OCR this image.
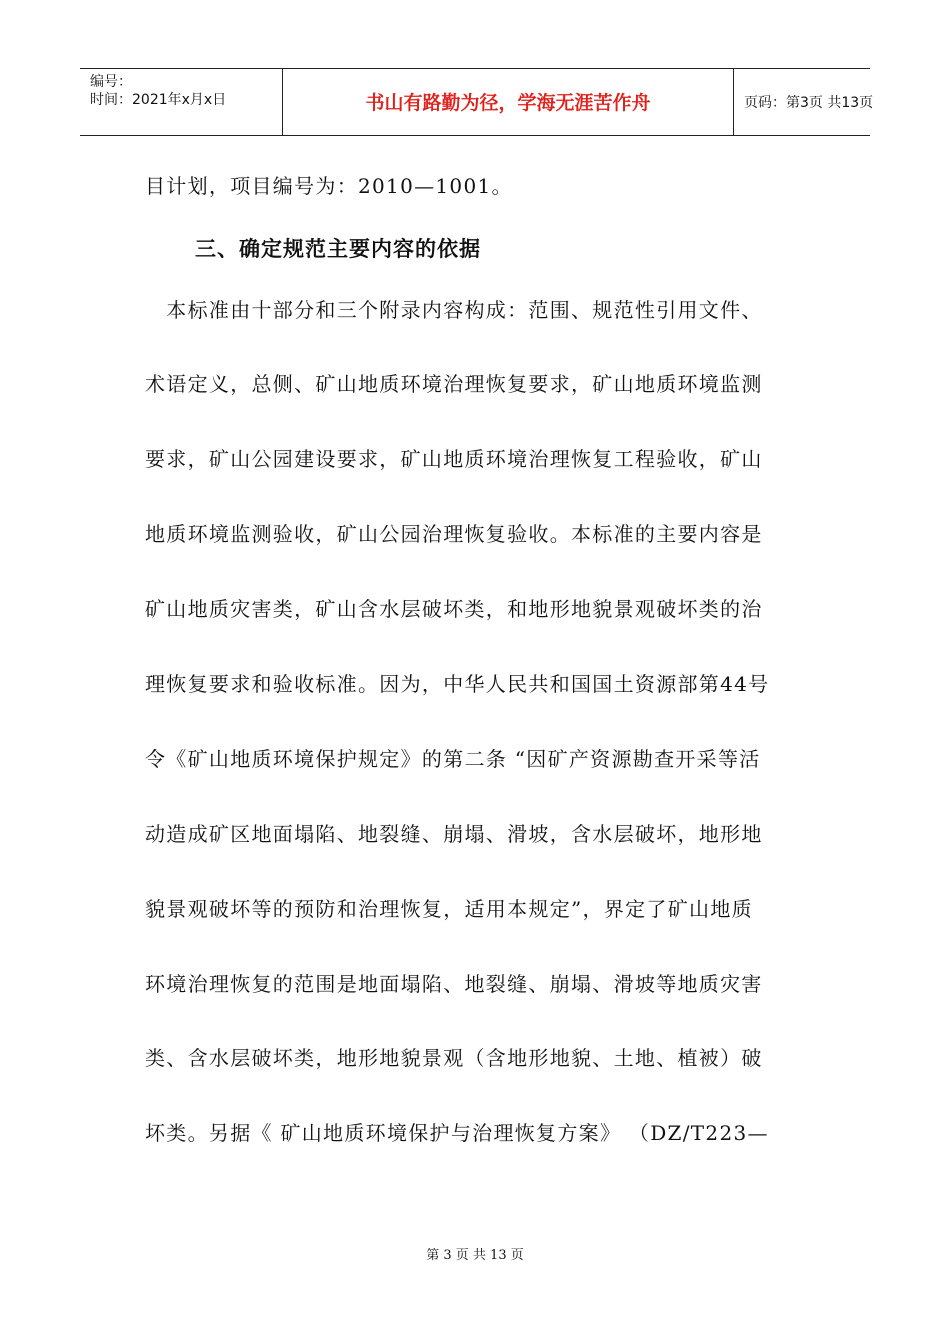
编号：
时间：2021年x月x日	书山有路勤为径，学海无涯苦作舟	页码：第3页 共13页
目计划，项目编号为：2010—1001。
三、确定规范主要内容的依据
　本标准由十部分和三个附录内容构成：范围、规范性引用文件、
术语定义，总侧、矿山地质环境治理恢复要求，矿山地质环境监测
要求，矿山公园建设要求，矿山地质环境治理恢复工程验收，矿山
地质环境监测验收，矿山公园治理恢复验收。本标准的主要内容是
矿山地质灾害类，矿山含水层破坏类，和地形地貌景观破坏类的治
理恢复要求和验收标准。因为，中华人民共和国国土资源部第44号
令《矿山地质环境保护规定》的第二条 “因矿产资源勘查开采等活
动造成矿区地面塌陷、地裂缝、崩塌、滑坡，含水层破坏，地形地
貌景观破坏等的预防和治理恢复，适用本规定”，界定了矿山地质
环境治理恢复的范围是地面塌陷、地裂缝、崩塌、滑坡等地质灾害
类、含水层破坏类，地形地貌景观（含地形地貌、土地、植被）破
坏类。另据《 矿山地质环境保护与治理恢复方案》 （DZ/T223—
第 3 页 共 13 页
